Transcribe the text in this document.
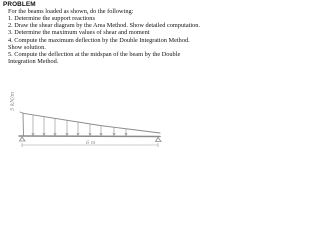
PROBLEM
For the beams loaded as shown, do the following:
1. Determine the support reactions
2. Draw the shear diagram by the Area Method. Show detailed computation.
3. Determine the maximum values of shear and moment
4. Compute the maximum deflection by the Double Integration Method. Show solution.
5. Compute the deflection at the midspan of the beam by the Double Integration Method.
5 kN/m
6 m
